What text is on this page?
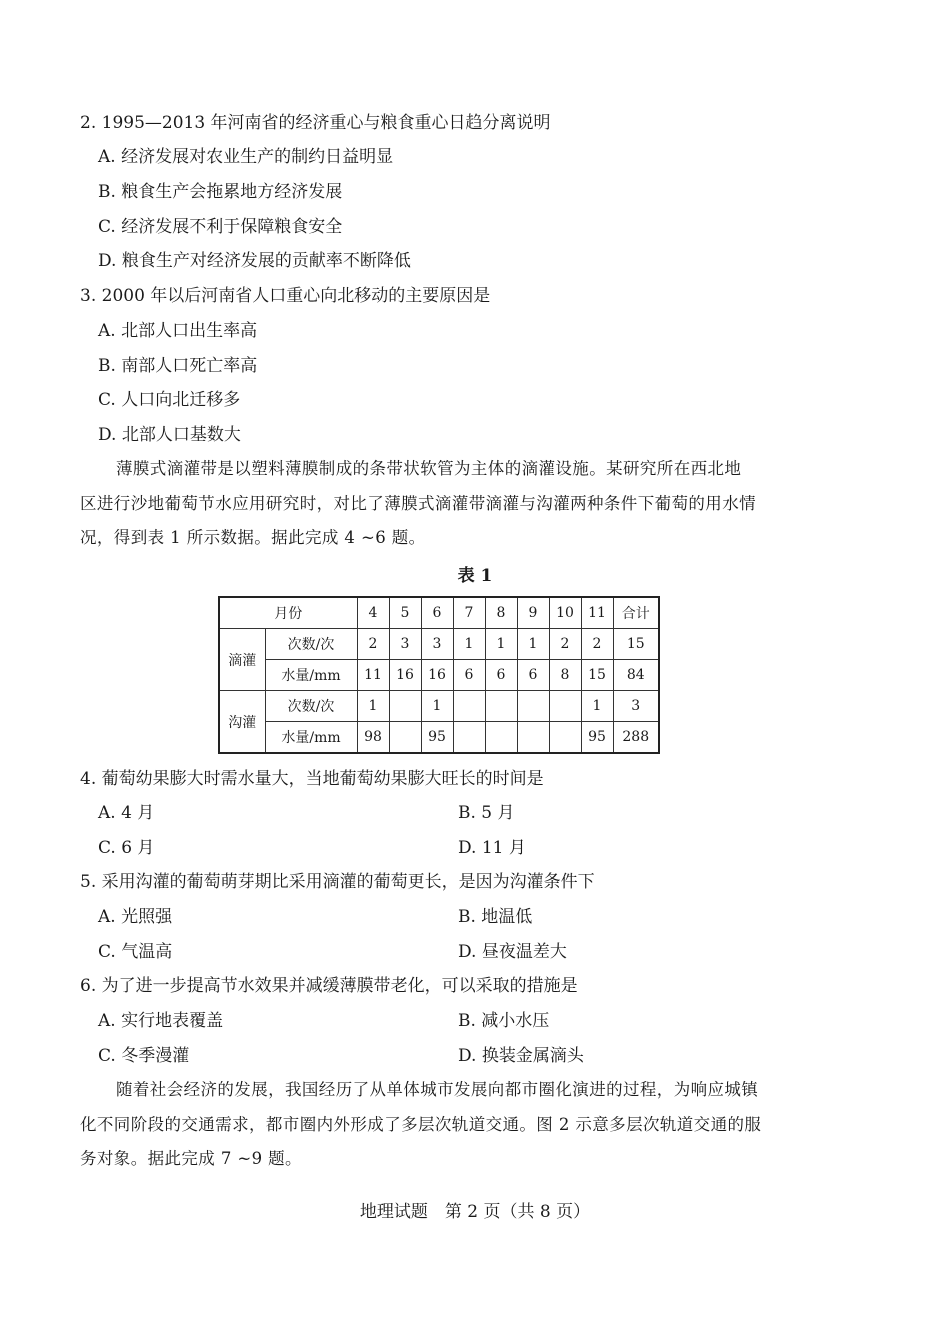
2. 1995—2013 年河南省的经济重心与粮食重心日趋分离说明
A. 经济发展对农业生产的制约日益明显
B. 粮食生产会拖累地方经济发展
C. 经济发展不利于保障粮食安全
D. 粮食生产对经济发展的贡献率不断降低
3. 2000 年以后河南省人口重心向北移动的主要原因是
A. 北部人口出生率高
B. 南部人口死亡率高
C. 人口向北迁移多
D. 北部人口基数大
薄膜式滴灌带是以塑料薄膜制成的条带状软管为主体的滴灌设施。某研究所在西北地
区进行沙地葡萄节水应用研究时，对比了薄膜式滴灌带滴灌与沟灌两种条件下葡萄的用水情
况，得到表 1 所示数据。据此完成 4 ~6 题。
表 1
月份		4	5	6	7	8	9	10	11	合计
滴灌	次数/次	2	3	3	1	1	1	2	2	15
	水量/mm	11	16	16	6	6	6	8	15	84
沟灌	次数/次	1		1					1	3
	水量/mm	98		95					95	288
4. 葡萄幼果膨大时需水量大，当地葡萄幼果膨大旺长的时间是
A. 4 月	B. 5 月
C. 6 月	D. 11 月
5. 采用沟灌的葡萄萌芽期比采用滴灌的葡萄更长，是因为沟灌条件下
A. 光照强	B. 地温低
C. 气温高	D. 昼夜温差大
6. 为了进一步提高节水效果并减缓薄膜带老化，可以采取的措施是
A. 实行地表覆盖	B. 减小水压
C. 冬季漫灌	D. 换装金属滴头
随着社会经济的发展，我国经历了从单体城市发展向都市圈化演进的过程，为响应城镇
化不同阶段的交通需求，都市圈内外形成了多层次轨道交通。图 2 示意多层次轨道交通的服
务对象。据此完成 7 ~9 题。
地理试题　第 2 页（共 8 页）
